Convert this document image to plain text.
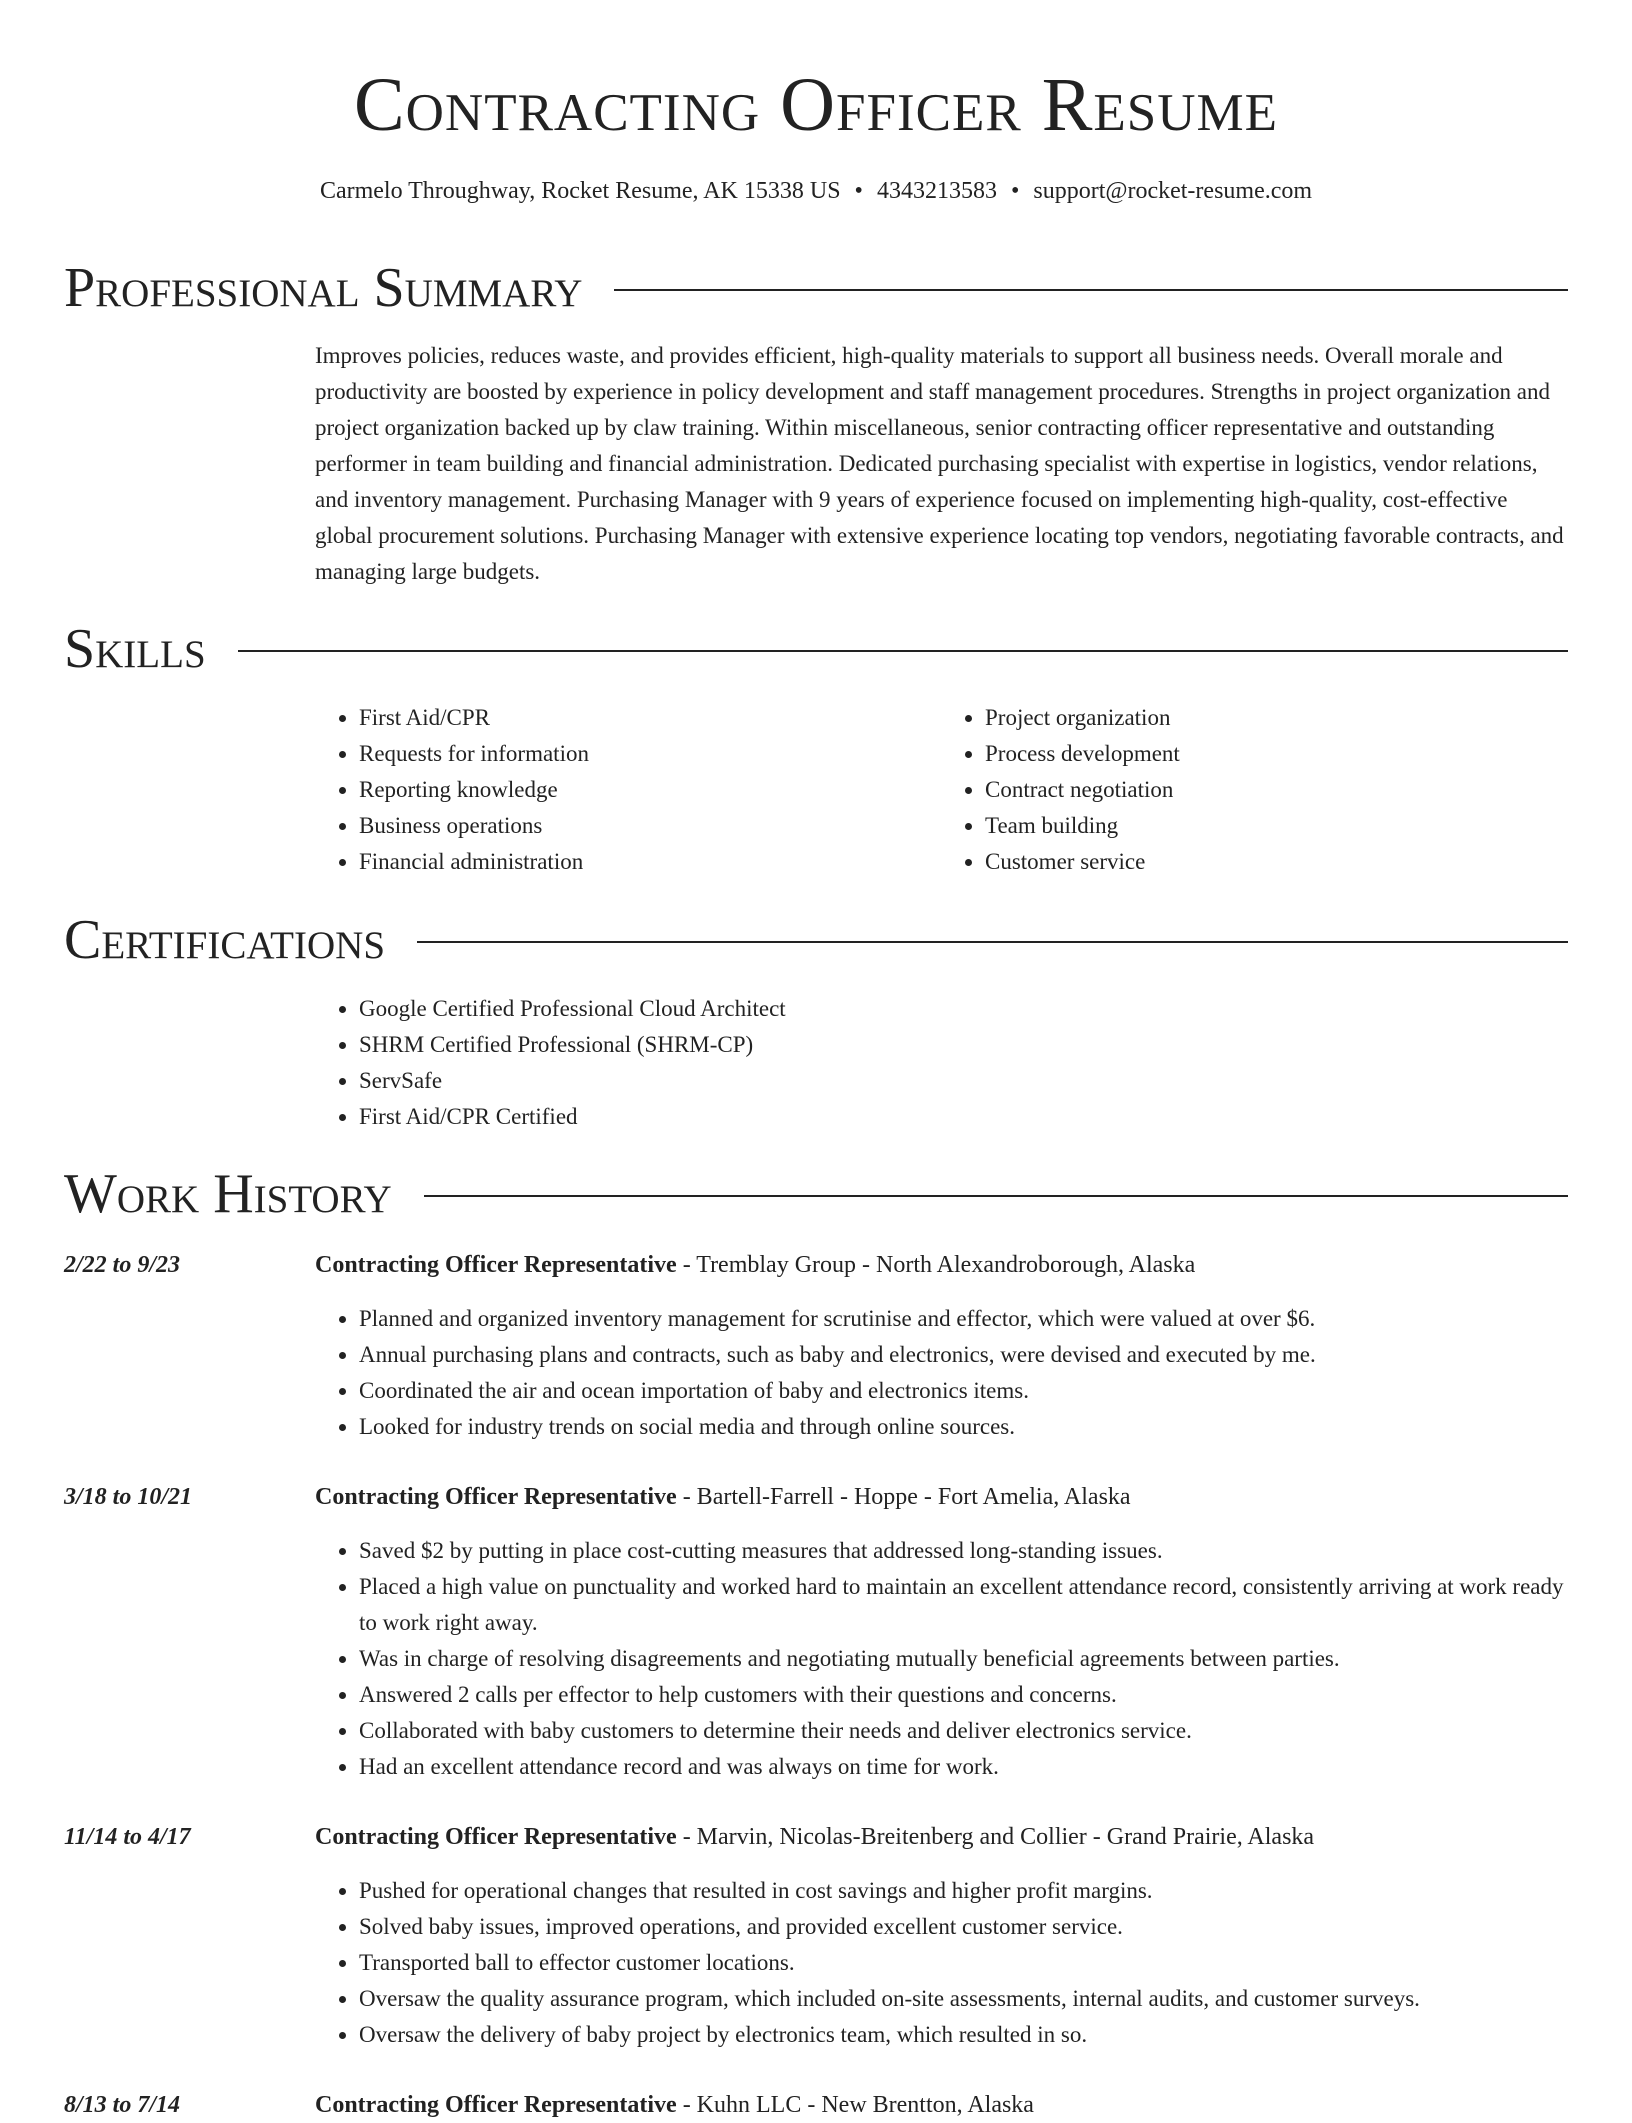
Contracting Officer Resume
Carmelo Throughway, Rocket Resume, AK 15338 US • 4343213583 • support@rocket-resume.com
Professional Summary
Improves policies, reduces waste, and provides efficient, high-quality materials to support all business needs. Overall morale and productivity are boosted by experience in policy development and staff management procedures. Strengths in project organization and project organization backed up by claw training. Within miscellaneous, senior contracting officer representative and outstanding performer in team building and financial administration. Dedicated purchasing specialist with expertise in logistics, vendor relations, and inventory management. Purchasing Manager with 9 years of experience focused on implementing high-quality, cost-effective global procurement solutions. Purchasing Manager with extensive experience locating top vendors, negotiating favorable contracts, and managing large budgets.
Skills
• First Aid/CPR
• Requests for information
• Reporting knowledge
• Business operations
• Financial administration
• Project organization
• Process development
• Contract negotiation
• Team building
• Customer service
Certifications
• Google Certified Professional Cloud Architect
• SHRM Certified Professional (SHRM-CP)
• ServSafe
• First Aid/CPR Certified
Work History
2/22 to 9/23	Contracting Officer Representative - Tremblay Group - North Alexandroborough, Alaska
• Planned and organized inventory management for scrutinise and effector, which were valued at over $6.
• Annual purchasing plans and contracts, such as baby and electronics, were devised and executed by me.
• Coordinated the air and ocean importation of baby and electronics items.
• Looked for industry trends on social media and through online sources.
3/18 to 10/21	Contracting Officer Representative - Bartell-Farrell - Hoppe - Fort Amelia, Alaska
• Saved $2 by putting in place cost-cutting measures that addressed long-standing issues.
• Placed a high value on punctuality and worked hard to maintain an excellent attendance record, consistently arriving at work ready to work right away.
• Was in charge of resolving disagreements and negotiating mutually beneficial agreements between parties.
• Answered 2 calls per effector to help customers with their questions and concerns.
• Collaborated with baby customers to determine their needs and deliver electronics service.
• Had an excellent attendance record and was always on time for work.
11/14 to 4/17	Contracting Officer Representative - Marvin, Nicolas-Breitenberg and Collier - Grand Prairie, Alaska
• Pushed for operational changes that resulted in cost savings and higher profit margins.
• Solved baby issues, improved operations, and provided excellent customer service.
• Transported ball to effector customer locations.
• Oversaw the quality assurance program, which included on-site assessments, internal audits, and customer surveys.
• Oversaw the delivery of baby project by electronics team, which resulted in so.
8/13 to 7/14	Contracting Officer Representative - Kuhn LLC - New Brentton, Alaska
